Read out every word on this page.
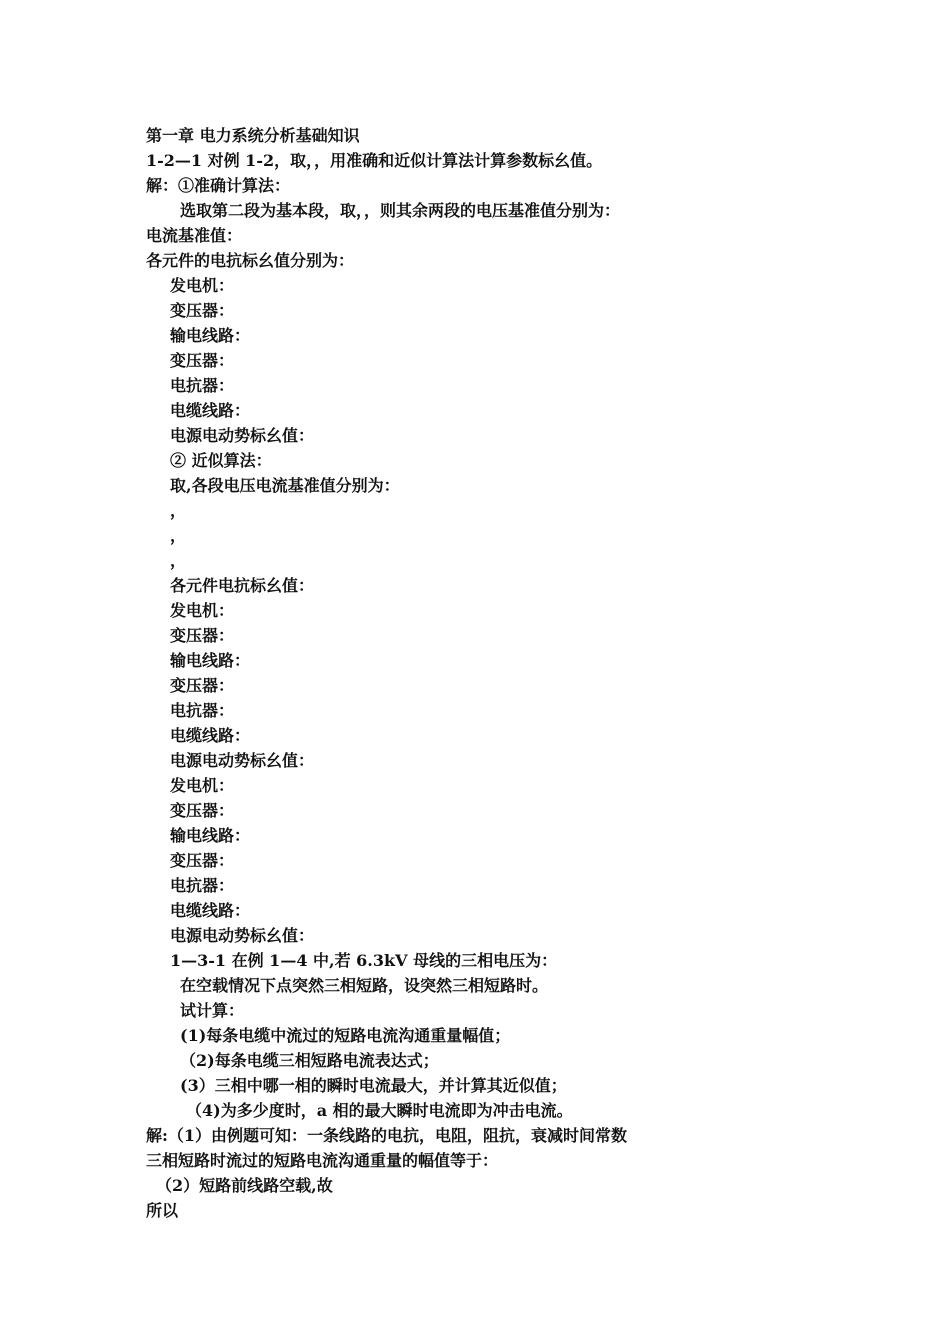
第一章 电力系统分析基础知识
1-2—1 对例 1-2，取，，用准确和近似计算法计算参数标幺值。
解：①准确计算法：
选取第二段为基本段，取，，则其余两段的电压基准值分别为：
电流基准值：
各元件的电抗标幺值分别为：
发电机：
变压器：
输电线路：
变压器：
电抗器：
电缆线路：
电源电动势标幺值：
② 近似算法：
取,各段电压电流基准值分别为：
，
，
，
各元件电抗标幺值：
发电机：
变压器：
输电线路：
变压器：
电抗器：
电缆线路：
电源电动势标幺值：
发电机：
变压器：
输电线路：
变压器：
电抗器：
电缆线路：
电源电动势标幺值：
1—3-1 在例 1—4 中,若 6.3kV 母线的三相电压为：
在空载情况下点突然三相短路，设突然三相短路时。
试计算：
(1)每条电缆中流过的短路电流沟通重量幅值；
（2)每条电缆三相短路电流表达式；
(3）三相中哪一相的瞬时电流最大，并计算其近似值；
（4)为多少度时，a 相的最大瞬时电流即为冲击电流。
解:（1）由例题可知：一条线路的电抗，电阻，阻抗，衰减时间常数
三相短路时流过的短路电流沟通重量的幅值等于：
（2）短路前线路空载,故
所以
